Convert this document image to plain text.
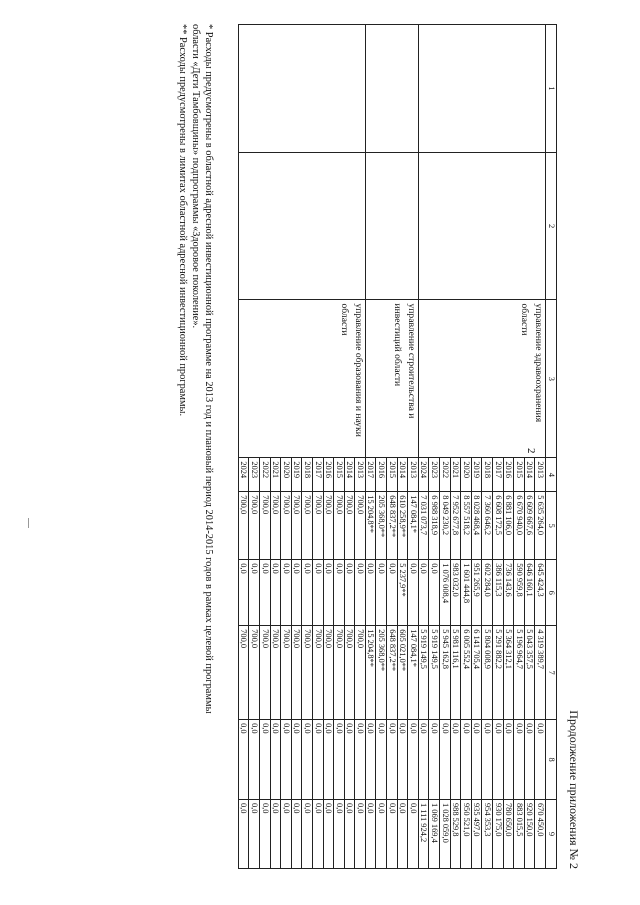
Продолжение приложения № 2
2
1	2	3	4	5	6	7	8	9
		управление здравоохранения области	2013	5 635 264,0	645 424,3	4 319 389,7	0,0	670 450,0
			2014	6 609 667,6	646 160,1	5 043 357,5	0,0	920 150,0
			2015	6 670 940,0	590 959,8	5 196 964,7	0,0	883 015,5
			2016	6 881 106,0	736 143,6	5 364 312,1	0,0	780 650,0
			2017	6 608 172,5	386 115,3	5 291 882,2	0,0	930 175,0
			2018	7 360 646,2	602 284,0	5 804 008,9	0,0	954 353,3
			2019	8 028 468,4	951 265,9	6 141 705,4	0,0	935 497,0
			2020	8 557 518,2	1 601 444,8	6 005 552,4	0,0	950 521,0
			2021	7 952 677,8	983 032,0	5 981 116,1	0,0	988 529,8
			2022	8 049 230,2	1 076 008,4	5 945 162,8	0,0	1 028 059,0
			2023	6 988 318,9	0,0	5 919 149,5	0,0	1 069 169,4
			2024	7 031 073,7	0,0	5 919 149,5	0,0	1 111 924,2
		управление строительства и инвестиций области	2013	147 084,1*	0,0	147 084,1*	0,0	0,0
			2014	610 258,9**	5 237,9**	605 021,0**	0,0	0,0
			2015	648 837,2**	0,0	648 837,2**	0,0	0,0
			2016	205 368,0**	0,0	205 368,0**	0,0	0,0
			2017	15 204,8**	0,0	15 204,8**	0,0	0,0
		управление образования и науки области	2013	700,0	0,0	700,0	0,0	0,0
			2014	700,0	0,0	700,0	0,0	0,0
			2015	700,0	0,0	700,0	0,0	0,0
			2016	700,0	0,0	700,0	0,0	0,0
			2017	700,0	0,0	700,0	0,0	0,0
			2018	700,0	0,0	700,0	0,0	0,0
			2019	700,0	0,0	700,0	0,0	0,0
			2020	700,0	0,0	700,0	0,0	0,0
			2021	700,0	0,0	700,0	0,0	0,0
			2022	700,0	0,0	700,0	0,0	0,0
			2023	700,0	0,0	700,0	0,0	0,0
			2024	700,0	0,0	700,0	0,0	0,0
* Расходы предусмотрены в областной адресной инвестиционной программе на 2013 год и плановый период 2014-2015 годов в рамках целевой программы
области «Дети Тамбовщины» подпрограммы «Здоровое поколение».
** Расходы предусмотрены в лимитах областной адресной инвестиционной программы.
